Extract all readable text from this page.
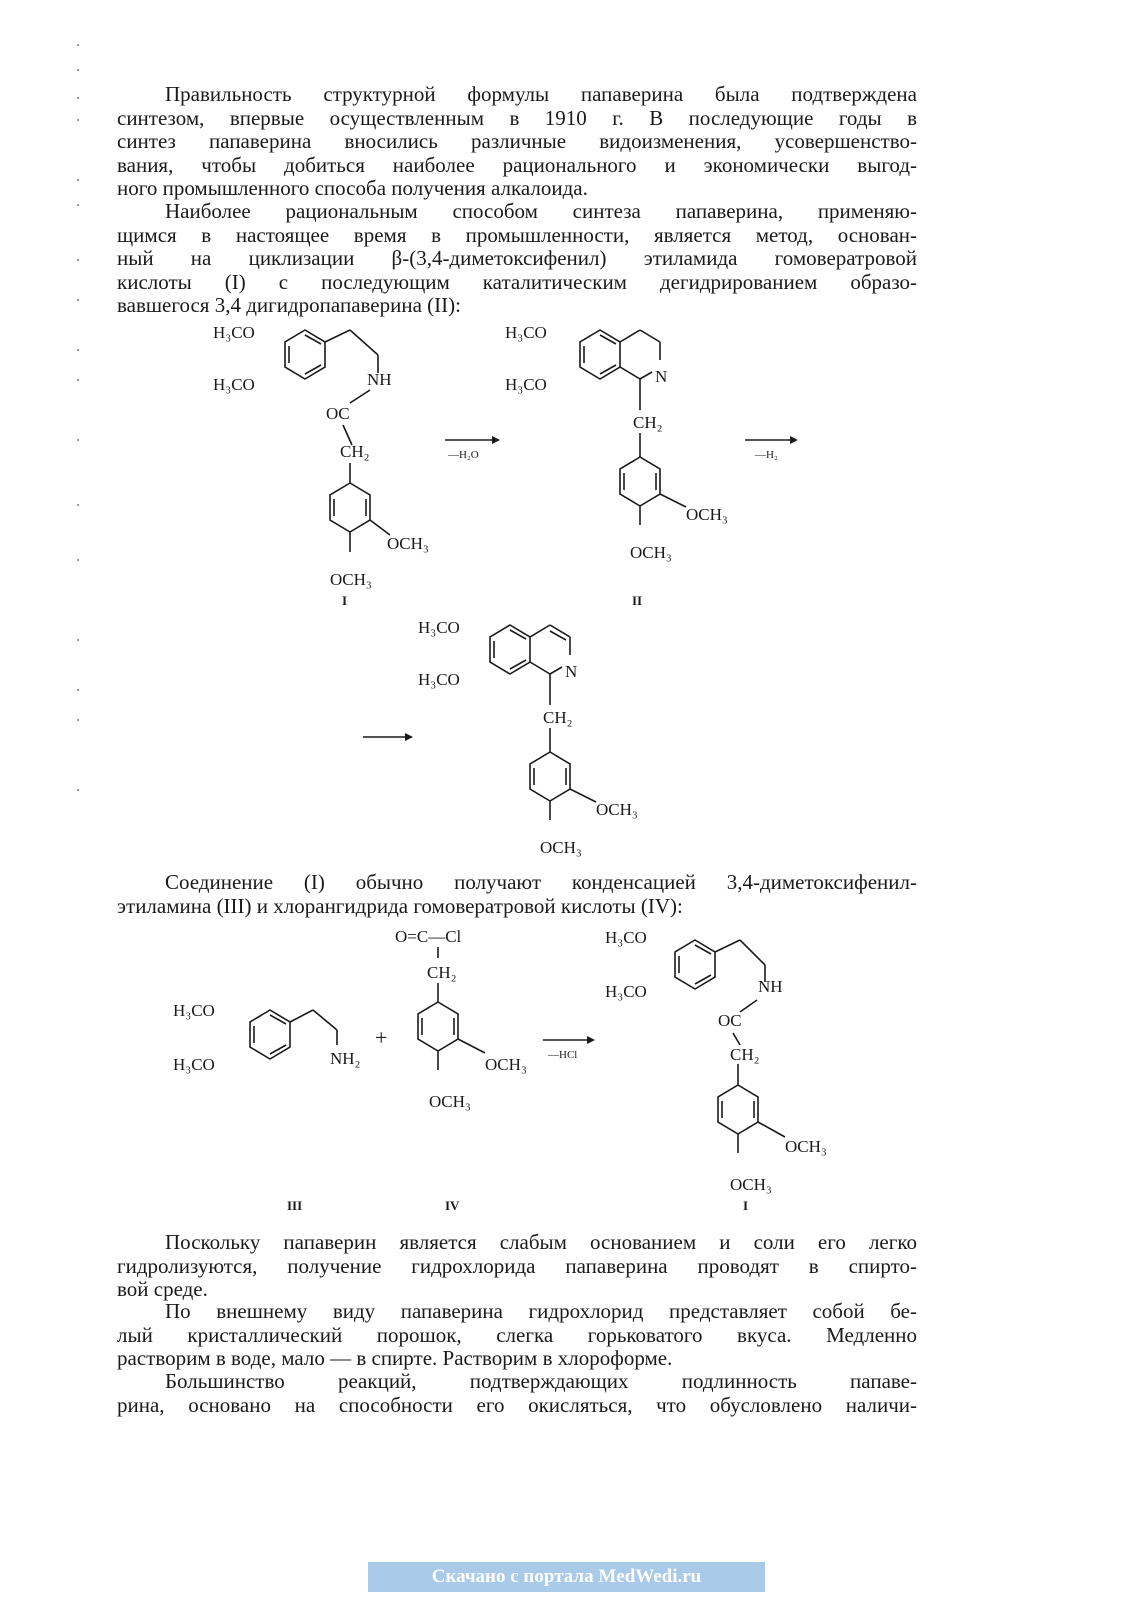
Правильность структурной формулы папаверина была подтверждена
синтезом, впервые осуществленным в 1910 г. В последующие годы в
синтез папаверина вносились различные видоизменения, усовершенство-
вания, чтобы добиться наиболее рационального и экономически выгод-
ного промышленного способа получения алкалоида.
Наиболее рациональным способом синтеза папаверина, применяю-
щимся в настоящее время в промышленности, является метод, основан-
ный на циклизации β-(3,4-диметоксифенил) этиламида гомовератровой
кислоты (I) с последующим каталитическим дегидрированием образо-
вавшегося 3,4 дигидропапаверина (II):
H₃CO
H₃CO	NH
OC
CH₂
OCH₃
OCH₃
I
—H₂O
H₃CO
H₃CO	N
CH₂
OCH₃
OCH₃
II
—H₂
H₃CO
H₃CO	N
CH₂
OCH₃
OCH₃
Соединение (I) обычно получают конденсацией 3,4-диметоксифенил-
этиламина (III) и хлорангидрида гомовератровой кислоты (IV):
H₃CO
H₃CO	NH₂
III
+
O=C—Cl
CH₂
OCH₃
OCH₃
IV
—HCl
H₃CO
H₃CO	NH
OC
CH₂
OCH₃
OCH₃
I
Поскольку папаверин является слабым основанием и соли его легко
гидролизуются, получение гидрохлорида папаверина проводят в спирто-
вой среде.
По внешнему виду папаверина гидрохлорид представляет собой бе-
лый кристаллический порошок, слегка горьковатого вкуса. Медленно
растворим в воде, мало — в спирте. Растворим в хлороформе.
Большинство реакций, подтверждающих подлинность папаве-
рина, основано на способности его окисляться, что обусловлено наличи-
Скачано с портала MedWedi.ru
